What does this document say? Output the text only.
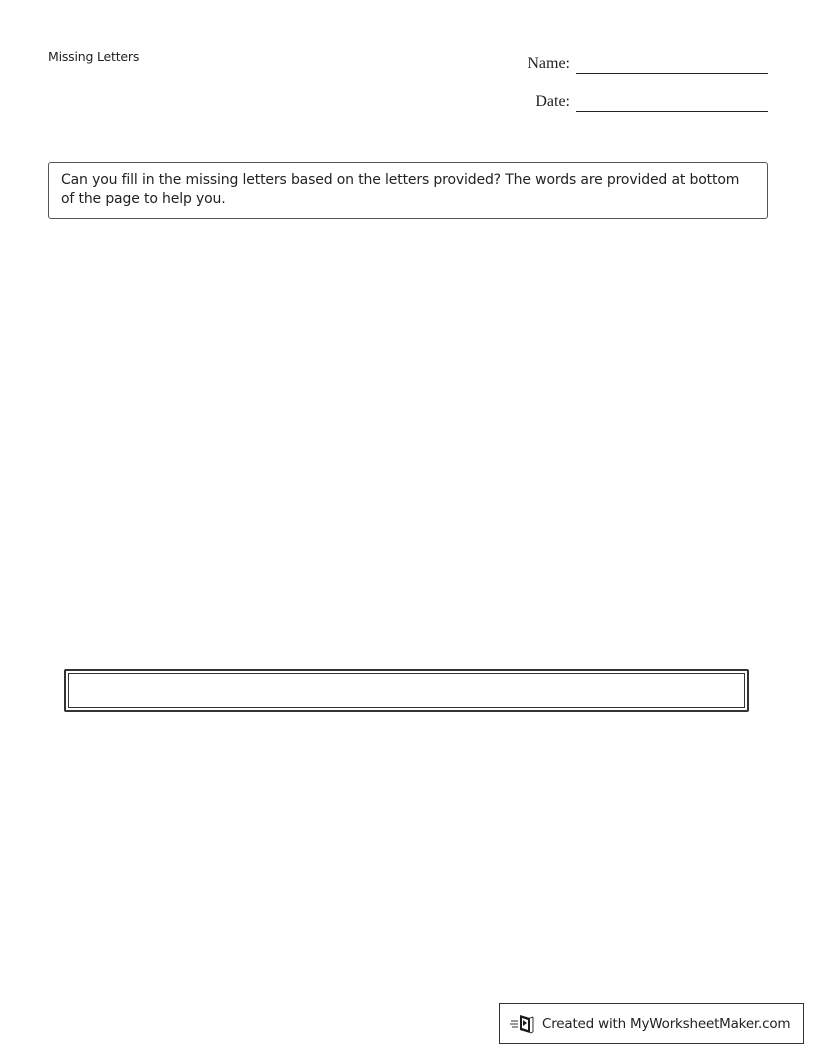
Missing Letters	Name:
Date:
Can you fill in the missing letters based on the letters provided? The words are provided at bottom of the page to help you.
Created with MyWorksheetMaker.com
